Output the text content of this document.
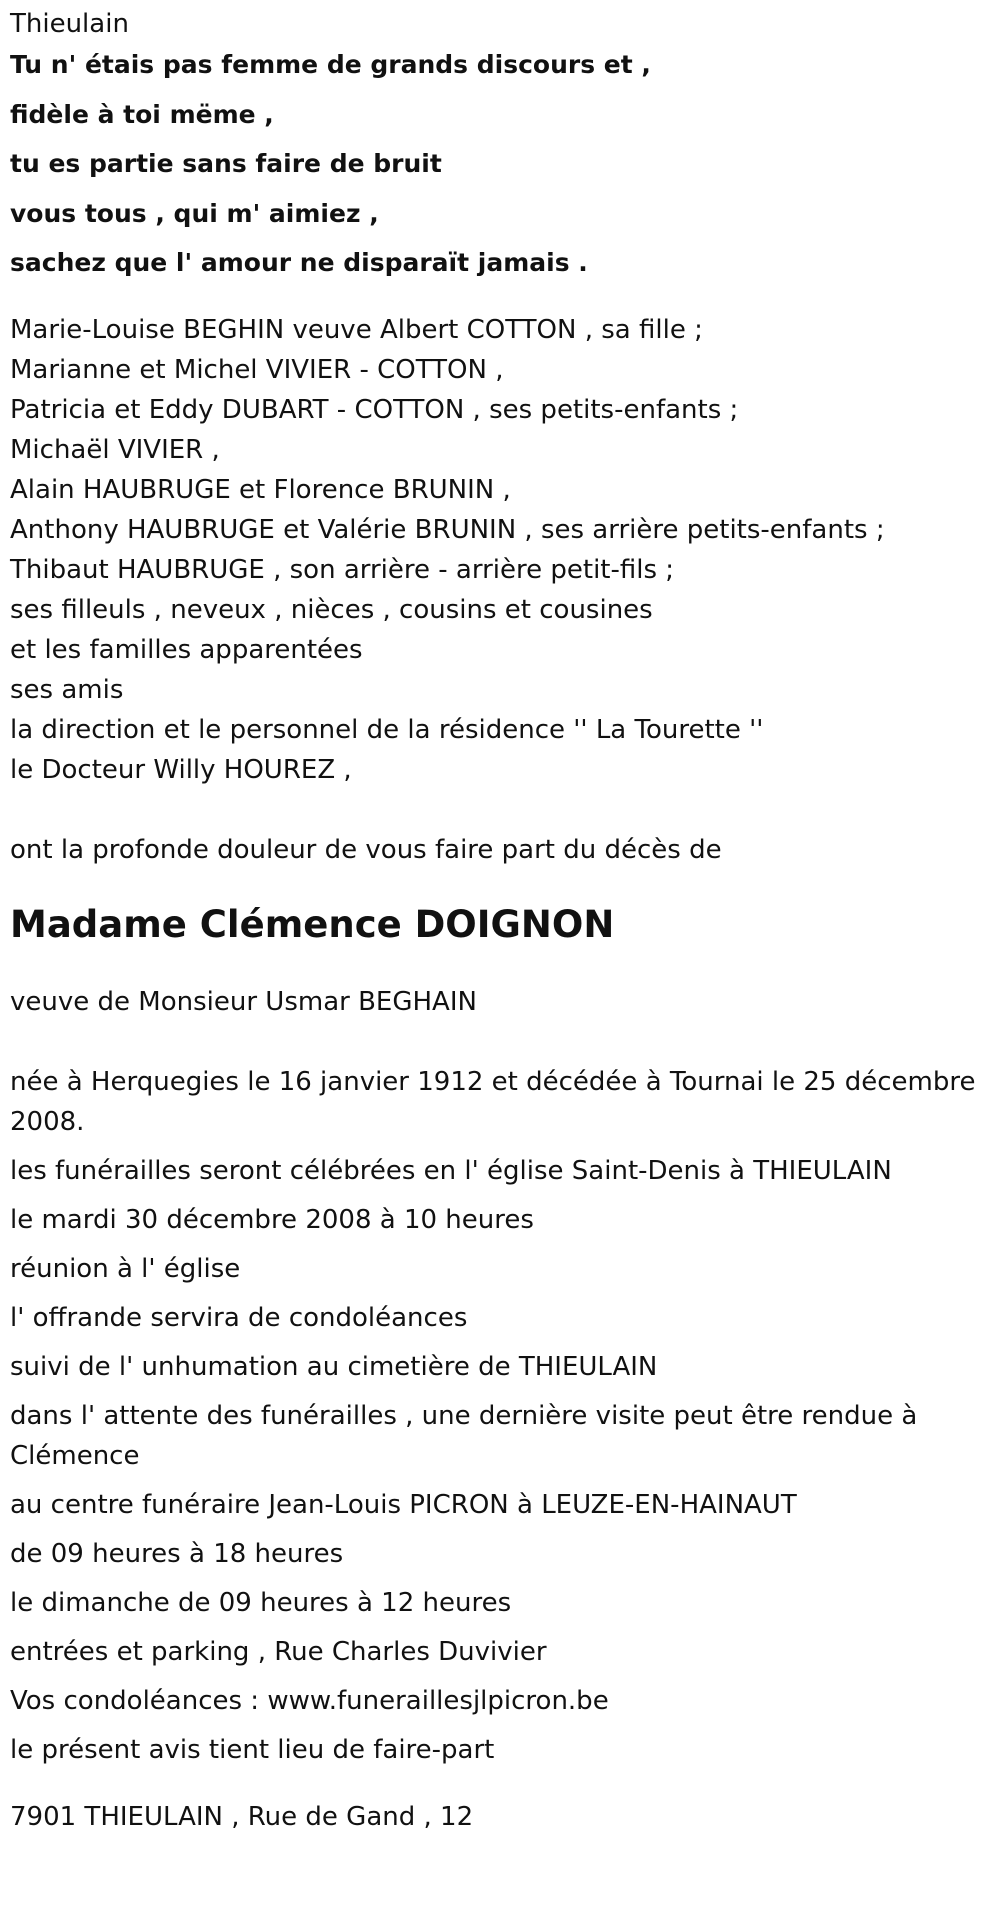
Thieulain

Tu n' étais pas femme de grands discours et ,

fidèle à toi mëme ,

tu es partie sans faire de bruit

vous tous , qui m' aimiez ,

sachez que l' amour ne disparaït jamais .

Marie-Louise BEGHIN veuve Albert COTTON , sa fille ;

Marianne et Michel VIVIER - COTTON ,

Patricia et Eddy DUBART - COTTON , ses petits-enfants ;

Michaël VIVIER ,

Alain HAUBRUGE et Florence BRUNIN ,

Anthony HAUBRUGE et Valérie BRUNIN , ses arrière petits-enfants ;

Thibaut HAUBRUGE , son arrière - arrière petit-fils ;

ses filleuls , neveux , nièces , cousins et cousines

et les familles apparentées

ses amis

la direction et le personnel de la résidence '' La Tourette ''

le Docteur Willy HOUREZ ,

ont la profonde douleur de vous faire part du décès de

Madame Clémence DOIGNON

veuve de Monsieur Usmar BEGHAIN

née à Herquegies le 16 janvier 1912 et décédée à Tournai le 25 décembre 2008.

les funérailles seront célébrées en l' église Saint-Denis à THIEULAIN

le mardi 30 décembre 2008 à 10 heures

réunion à l' église

l' offrande servira de condoléances

suivi de l' unhumation au cimetière de THIEULAIN

dans l' attente des funérailles , une dernière visite peut être rendue à Clémence

au centre funéraire Jean-Louis PICRON à LEUZE-EN-HAINAUT

de 09 heures à 18 heures

le dimanche de 09 heures à 12 heures

entrées et parking , Rue Charles Duvivier

Vos condoléances : www.funeraillesjlpicron.be

le présent avis tient lieu de faire-part

7901 THIEULAIN , Rue de Gand , 12
